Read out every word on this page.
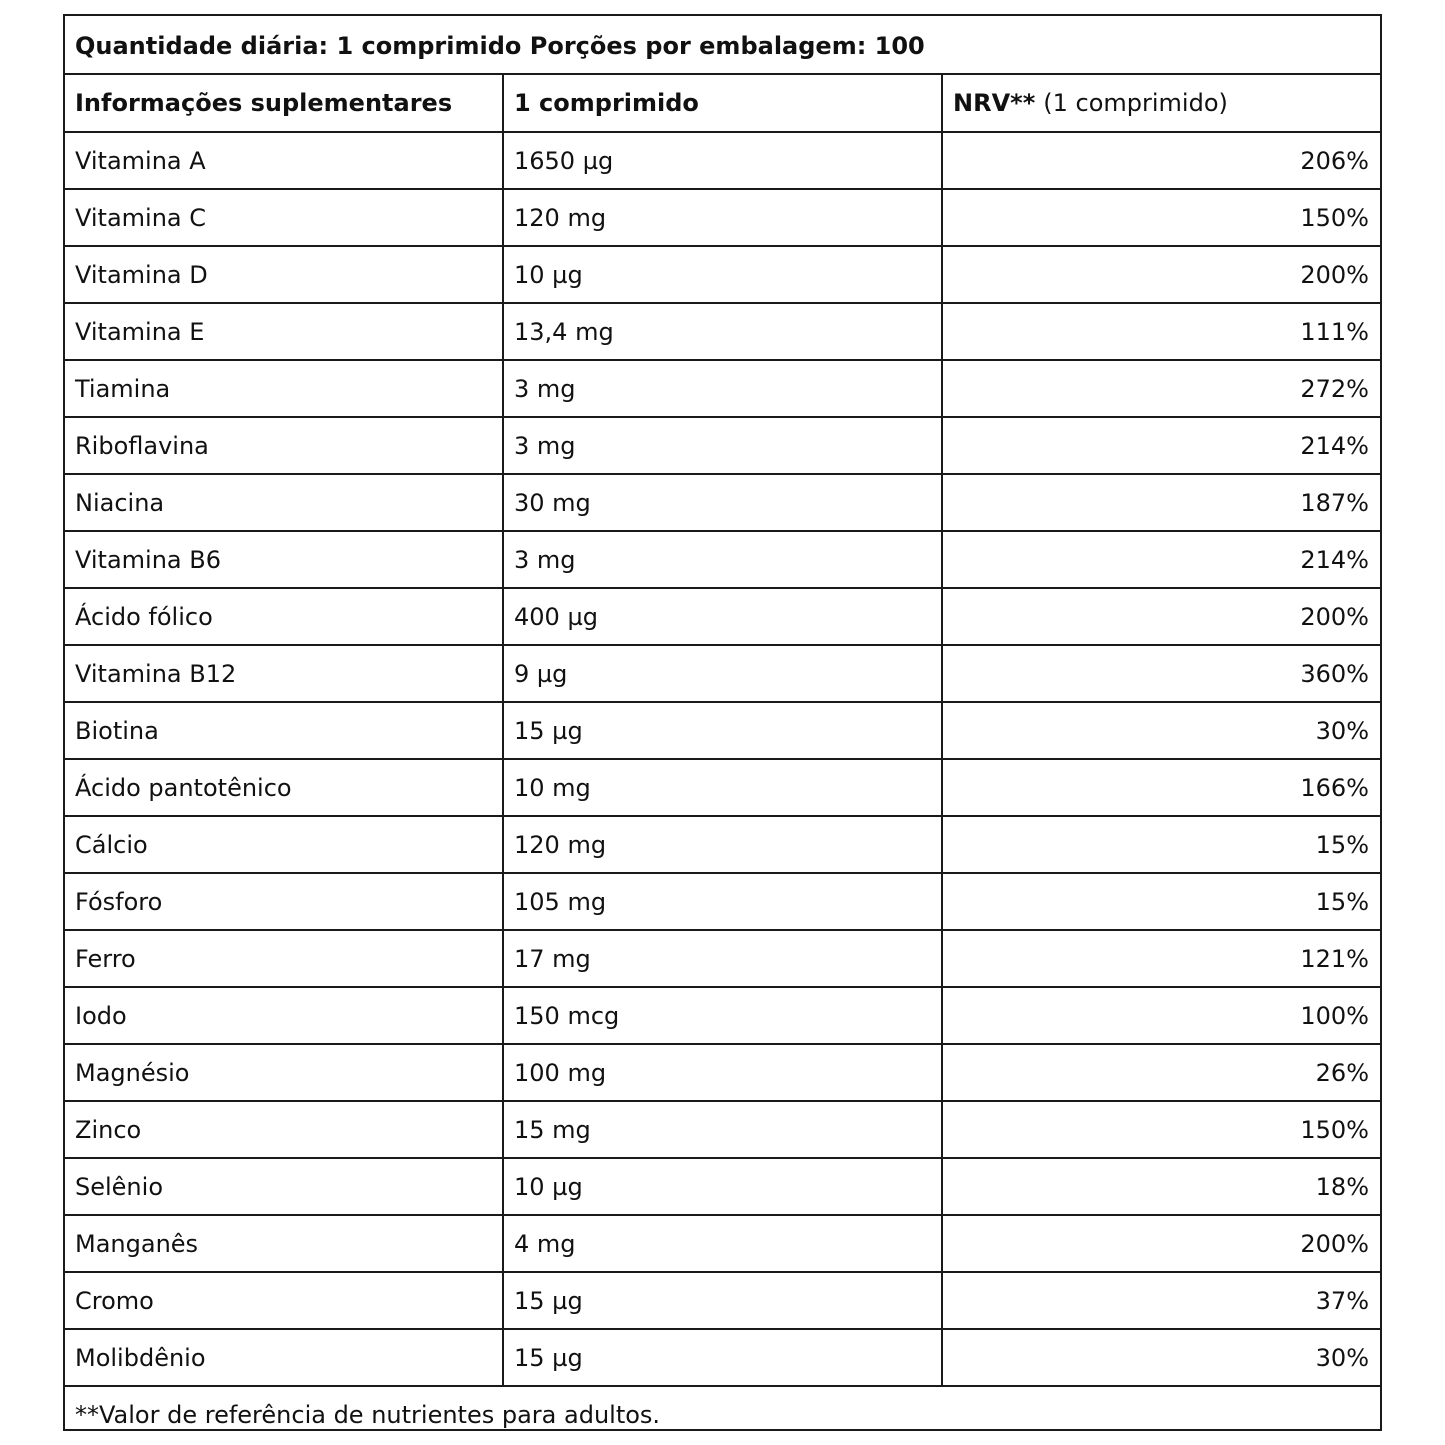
Quantidade diária: 1 comprimido Porções por embalagem: 100
Informações suplementares	1 comprimido	NRV** (1 comprimido)
Vitamina A	1650 µg	206%
Vitamina C	120 mg	150%
Vitamina D	10 µg	200%
Vitamina E	13,4 mg	111%
Tiamina	3 mg	272%
Riboflavina	3 mg	214%
Niacina	30 mg	187%
Vitamina B6	3 mg	214%
Ácido fólico	400 µg	200%
Vitamina B12	9 µg	360%
Biotina	15 µg	30%
Ácido pantotênico	10 mg	166%
Cálcio	120 mg	15%
Fósforo	105 mg	15%
Ferro	17 mg	121%
Iodo	150 mcg	100%
Magnésio	100 mg	26%
Zinco	15 mg	150%
Selênio	10 µg	18%
Manganês	4 mg	200%
Cromo	15 µg	37%
Molibdênio	15 µg	30%
**Valor de referência de nutrientes para adultos.
